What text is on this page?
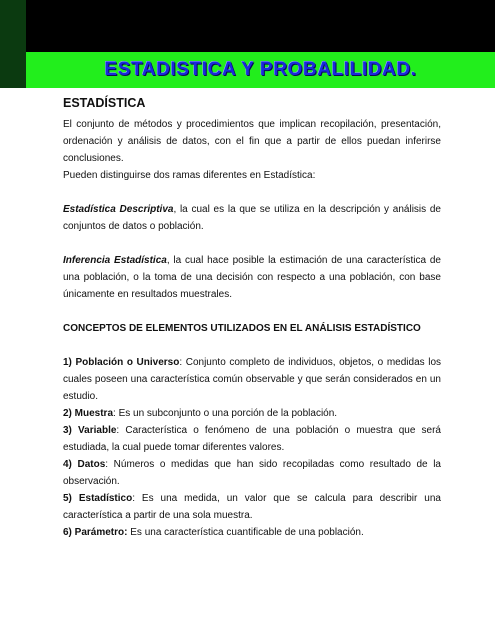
ESTADISTICA Y PROBALILIDAD.
ESTADÍSTICA

El conjunto de métodos y procedimientos que implican recopilación, presentación, ordenación y análisis de datos, con el fin que a partir de ellos puedan inferirse conclusiones.

Pueden distinguirse dos ramas diferentes en Estadística:

Estadística Descriptiva, la cual es la que se utiliza en la descripción y análisis de conjuntos de datos o población.

Inferencia Estadística, la cual hace posible la estimación de una característica de una población, o la toma de una decisión con respecto a una población, con base únicamente en resultados muestrales.

CONCEPTOS DE ELEMENTOS UTILIZADOS EN EL ANÁLISIS ESTADÍSTICO

1) Población o Universo: Conjunto completo de individuos, objetos, o medidas los cuales poseen una característica común observable y que serán considerados en un estudio.

2) Muestra: Es un subconjunto o una porción de la población.

3) Variable: Característica o fenómeno de una población o muestra que será estudiada, la cual puede tomar diferentes valores.

4) Datos: Números o medidas que han sido recopiladas como resultado de la observación.

5) Estadístico: Es una medida, un valor que se calcula para describir una característica a partir de una sola muestra.

6) Parámetro: Es una característica cuantificable de una población.
